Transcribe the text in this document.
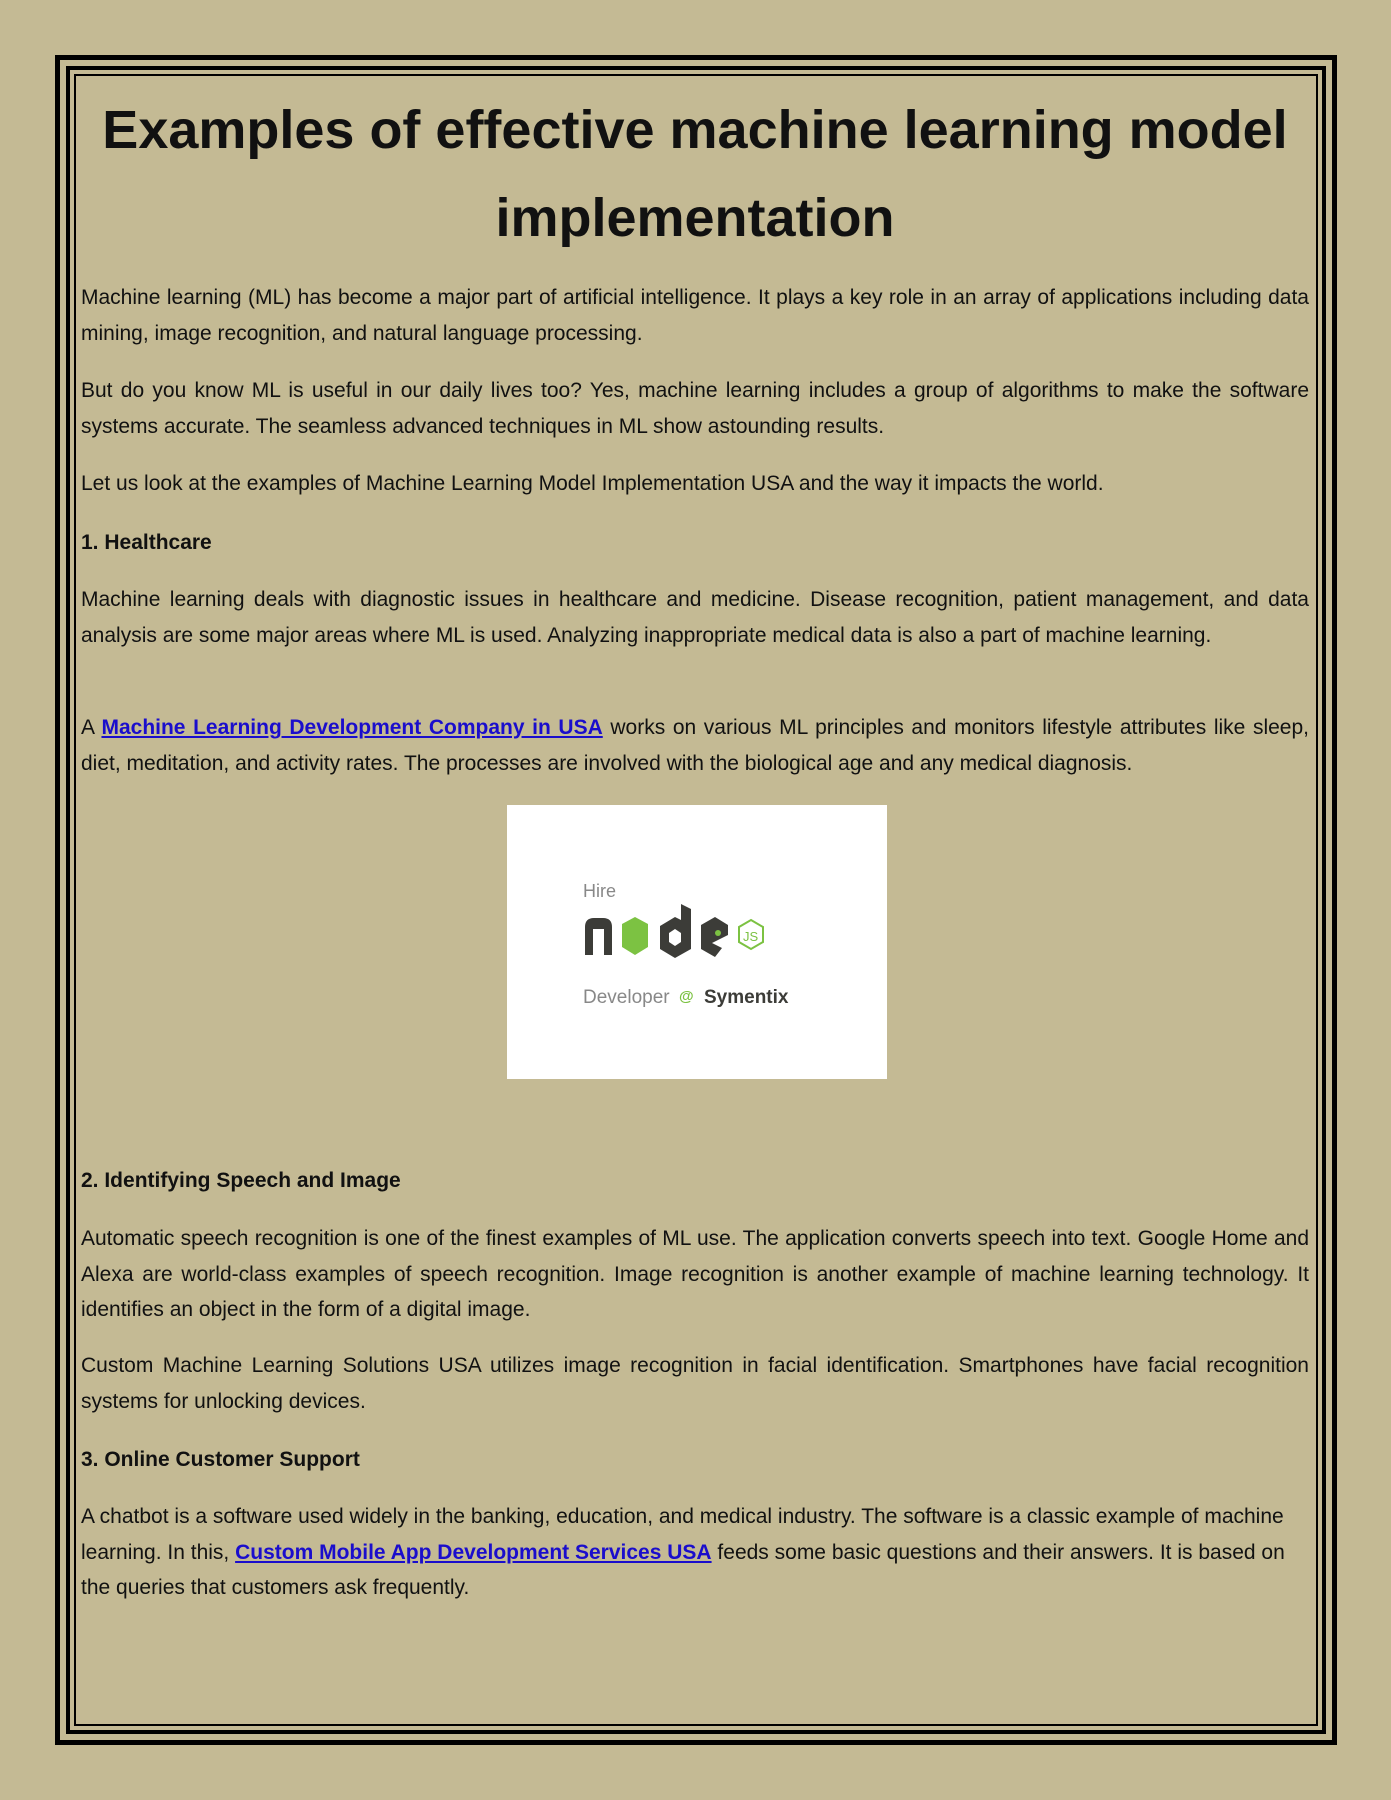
Examples of effective machine learning model implementation

Machine learning (ML) has become a major part of artificial intelligence. It plays a key role in an array of applications including data mining, image recognition, and natural language processing.

But do you know ML is useful in our daily lives too? Yes, machine learning includes a group of algorithms to make the software systems accurate. The seamless advanced techniques in ML show astounding results.

Let us look at the examples of Machine Learning Model Implementation USA and the way it impacts the world.

1. Healthcare

Machine learning deals with diagnostic issues in healthcare and medicine. Disease recognition, patient management, and data analysis are some major areas where ML is used. Analyzing inappropriate medical data is also a part of machine learning.

A Machine Learning Development Company in USA works on various ML principles and monitors lifestyle attributes like sleep, diet, meditation, and activity rates. The processes are involved with the biological age and any medical diagnosis.

Hire
JS
Developer @ Symentix
2. Identifying Speech and Image

Automatic speech recognition is one of the finest examples of ML use. The application converts speech into text. Google Home and Alexa are world-class examples of speech recognition. Image recognition is another example of machine learning technology. It identifies an object in the form of a digital image.

Custom Machine Learning Solutions USA utilizes image recognition in facial identification. Smartphones have facial recognition systems for unlocking devices.

3. Online Customer Support

A chatbot is a software used widely in the banking, education, and medical industry. The software is a classic example of machine learning. In this, Custom Mobile App Development Services USA feeds some basic questions and their answers. It is based on the queries that customers ask frequently.
